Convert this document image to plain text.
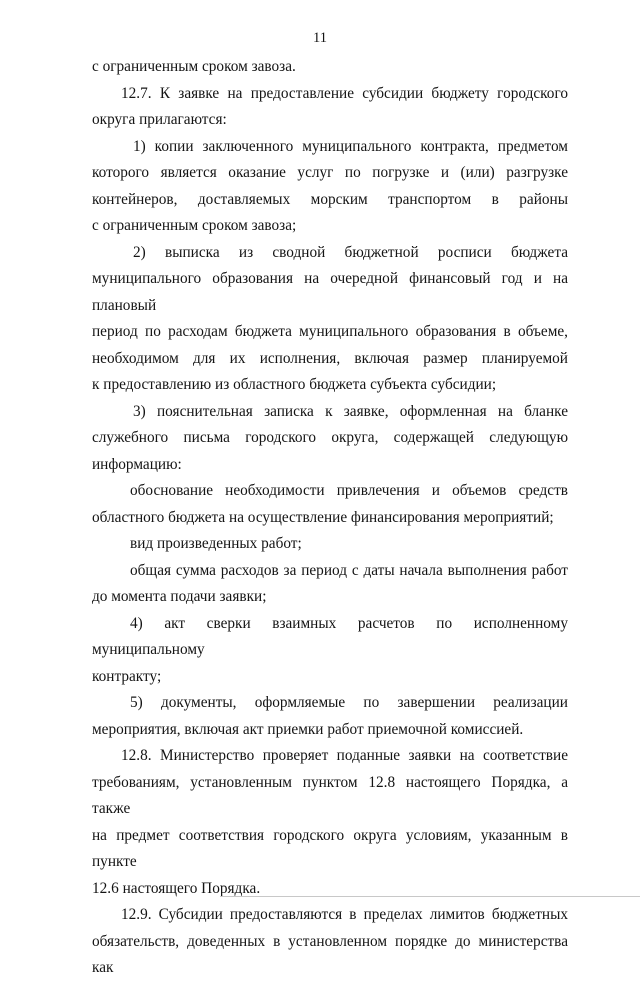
11

с ограниченным сроком завоза.

12.7. К заявке на предоставление субсидии бюджету городского

округа прилагаются:

1) копии заключенного муниципального контракта, предметом

которого является оказание услуг по погрузке и (или) разгрузке

контейнеров, доставляемых морским транспортом в районы

с ограниченным сроком завоза;

2) выписка из сводной бюджетной росписи бюджета

муниципального образования на очередной финансовый год и на плановый

период по расходам бюджета муниципального образования в объеме,

необходимом для их исполнения, включая размер планируемой

к предоставлению из областного бюджета субъекта субсидии;

3) пояснительная записка к заявке, оформленная на бланке

служебного письма городского округа, содержащей следующую

информацию:

обоснование необходимости привлечения и объемов средств

областного бюджета на осуществление финансирования мероприятий;

вид произведенных работ;

общая сумма расходов за период с даты начала выполнения работ

до момента подачи заявки;

4) акт сверки взаимных расчетов по исполненному муниципальному

контракту;

5) документы, оформляемые по завершении реализации

мероприятия, включая акт приемки работ приемочной комиссией.

12.8. Министерство проверяет поданные заявки на соответствие

требованиям, установленным пунктом 12.8 настоящего Порядка, а также

на предмет соответствия городского округа условиям, указанным в пункте

12.6 настоящего Порядка.

12.9. Субсидии предоставляются в пределах лимитов бюджетных

обязательств, доведенных в установленном порядке до министерства как
